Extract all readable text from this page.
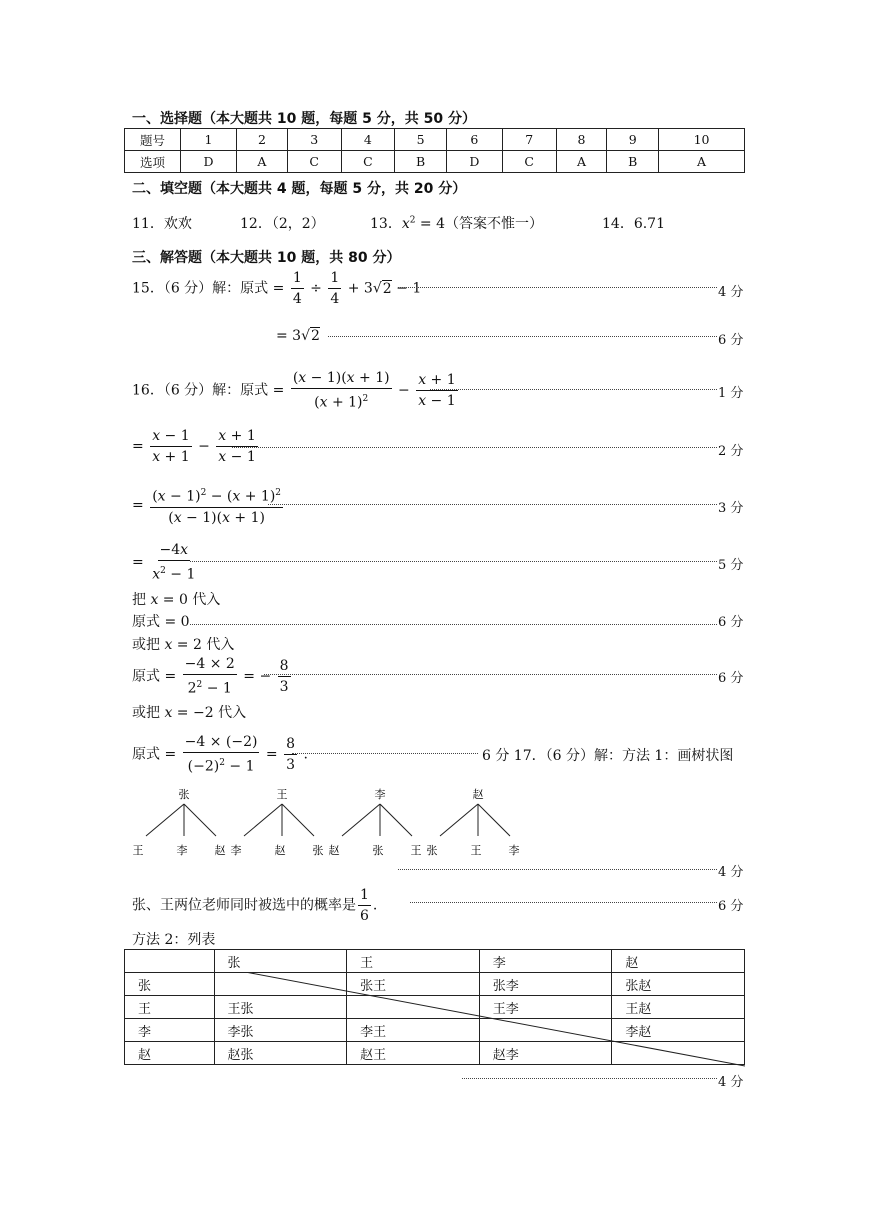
一、选择题（本大题共 10 题，每题 5 分，共 50 分）
题号	1	2	3	4	5	6	7	8	9	10
选项	D	A	C	C	B	D	C	A	B	A
二、填空题（本大题共 4 题，每题 5 分，共 20 分）
11．欢欢	12．（2，2）	13．$x^2 = 4$（答案不惟一）	14．6.71
三、解答题（本大题共 10 题，共 80 分）
15．（6 分）解：原式 = $\frac{1}{4} \div \frac{1}{4} + 3√2 - 1$	4 分
= 3√2	6 分
16．（6 分）解：原式 = $\frac{(x - 1)(x + 1)}{(x + 1)^2} - \frac{x + 1}{x - 1}$	1 分
= $\frac{x - 1}{x + 1} - \frac{x + 1}{x - 1}$	2 分
= $\frac{(x - 1)^2 - (x + 1)^2}{(x - 1)(x + 1)}$	3 分
= $\frac{-4x}{x^2 - 1}$	5 分
把 x = 0 代入
原式 = 0	6 分
或把 x = 2 代入
原式 = $\frac{-4 \times 2}{2^2 - 1}$ = − $\frac{8}{3}$	6 分
或把 x = −2 代入
原式 = $\frac{-4 \times (-2)}{(-2)^2 - 1} = \frac{8}{3}$ .	6 分 17．（6 分）解：方法 1：画树状图
张
王	李 赵
王
李	赵 张
李
赵	张 王
赵
张	王 李
4 分
张、王两位老师同时被选中的概率是 $\frac{1}{6}$ .	6 分
方法 2：列表
	张	王	李	赵
张		张王	张李	张赵
王	王张		王李	王赵
李	李张	李王		李赵
赵	赵张	赵王	赵李	
4 分
